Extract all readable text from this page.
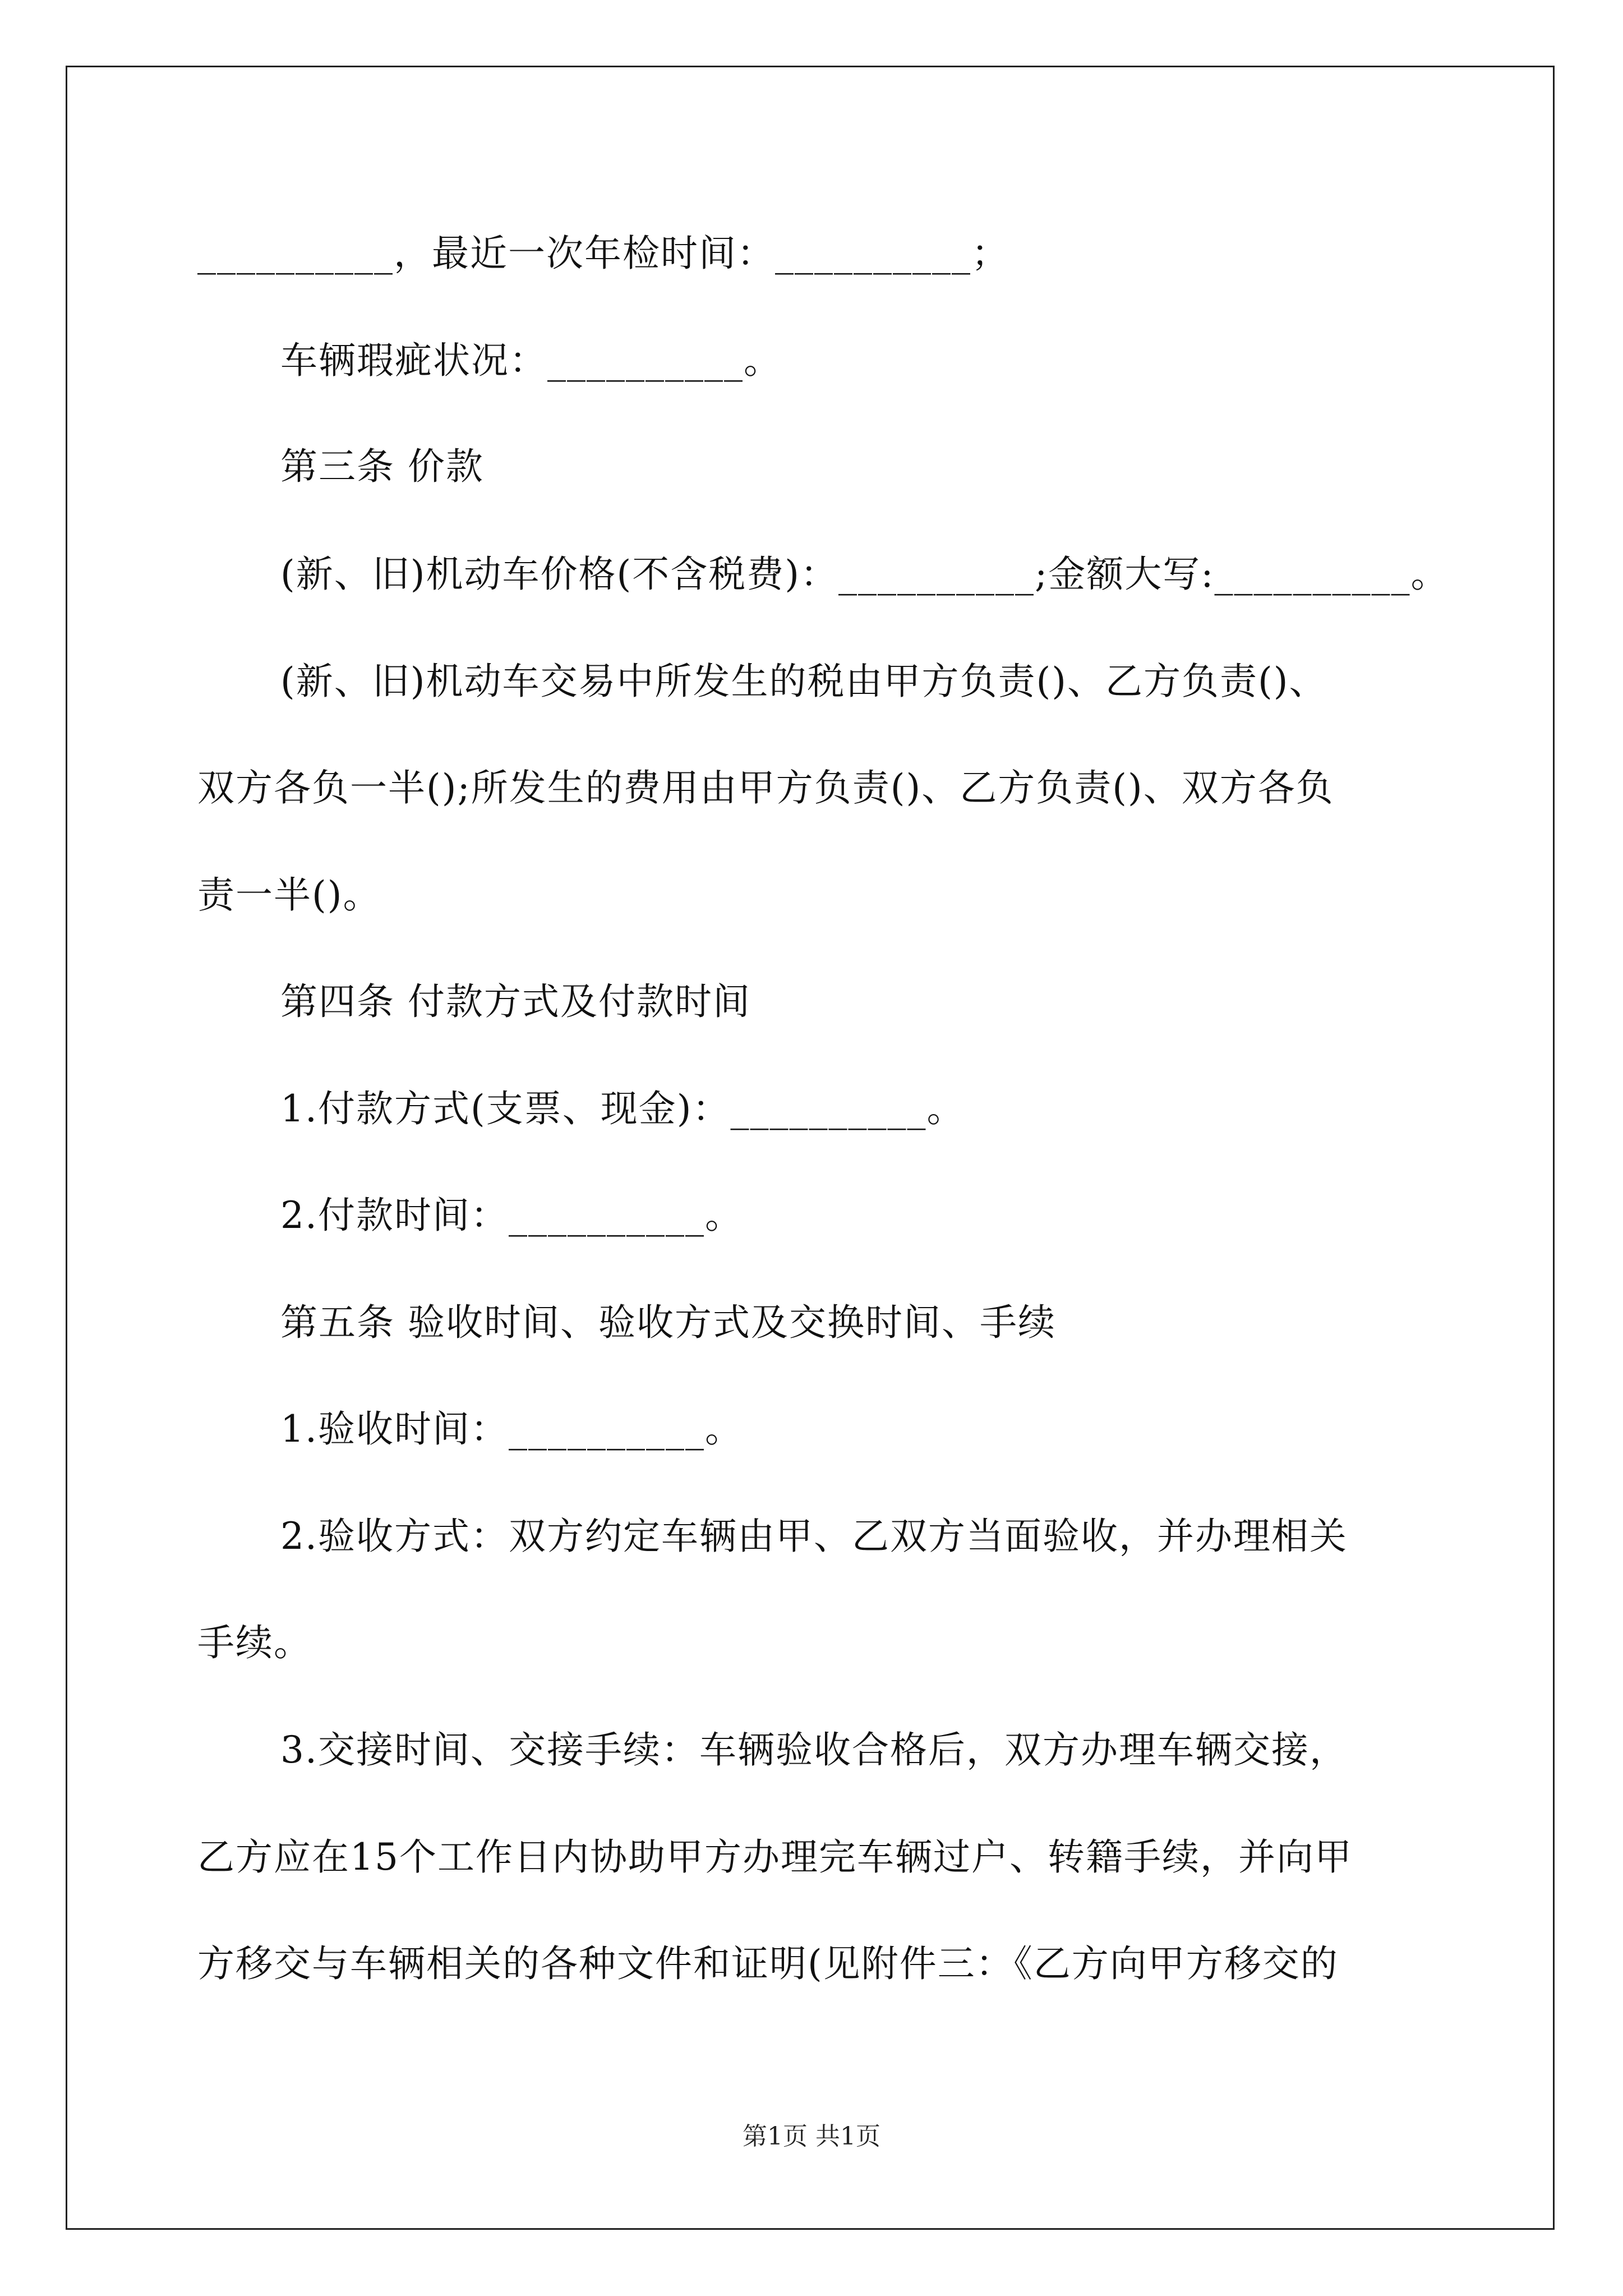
__________，最近一次年检时间：__________；
车辆瑕疵状况：__________。
第三条 价款
(新、旧)机动车价格(不含税费)：__________;金额大写:__________。
(新、旧)机动车交易中所发生的税由甲方负责()、乙方负责()、
双方各负一半();所发生的费用由甲方负责()、乙方负责()、双方各负
责一半()。
第四条 付款方式及付款时间
1.付款方式(支票、现金)：__________。
2.付款时间：__________。
第五条 验收时间、验收方式及交换时间、手续
1.验收时间：__________。
2.验收方式：双方约定车辆由甲、乙双方当面验收，并办理相关
手续。
3.交接时间、交接手续：车辆验收合格后，双方办理车辆交接，
乙方应在15个工作日内协助甲方办理完车辆过户、转籍手续，并向甲
方移交与车辆相关的各种文件和证明(见附件三：《乙方向甲方移交的
第1页 共1页
